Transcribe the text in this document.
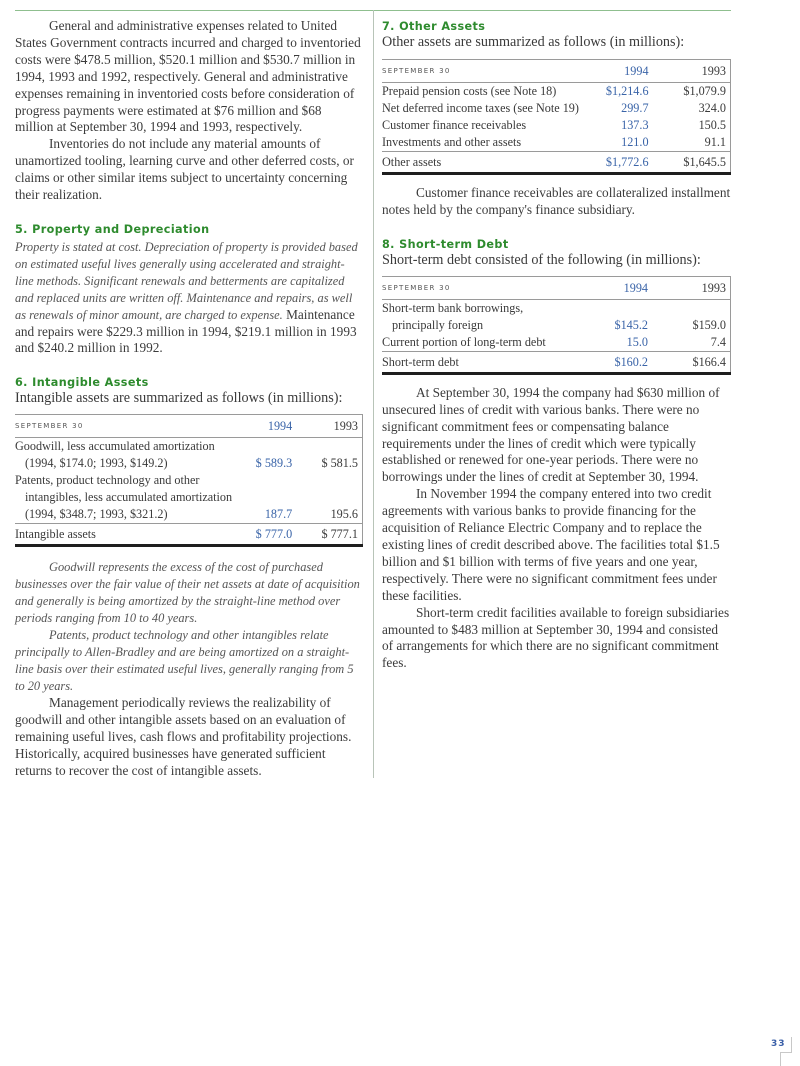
General and administrative expenses related to United States Government contracts incurred and charged to inventoried costs were $478.5 million, $520.1 million and $530.7 million in 1994, 1993 and 1992, respectively. General and administrative expenses remaining in inventoried costs before consideration of progress payments were estimated at $76 million and $68 million at September 30, 1994 and 1993, respectively.

Inventories do not include any material amounts of unamortized tooling, learning curve and other deferred costs, or claims or other similar items subject to uncertainty concerning their realization.

5. Property and Depreciation

Property is stated at cost. Depreciation of property is provided based on estimated useful lives generally using accelerated and straight-line methods. Significant renewals and betterments are capitalized and replaced units are written off. Maintenance and repairs, as well as renewals of minor amount, are charged to expense. Maintenance and repairs were $229.3 million in 1994, $219.1 million in 1993 and $240.2 million in 1992.

6. Intangible Assets

Intangible assets are summarized as follows (in millions):

SEPTEMBER 30	1994	1993
Goodwill, less accumulated amortization		
(1994, $174.0; 1993, $149.2)	$ 589.3	$ 581.5
Patents, product technology and other		
intangibles, less accumulated amortization		
(1994, $348.7; 1993, $321.2)	187.7	195.6
Intangible assets	$ 777.0	$ 777.1

Goodwill represents the excess of the cost of purchased businesses over the fair value of their net assets at date of acquisition and generally is being amortized by the straight-line method over periods ranging from 10 to 40 years.

Patents, product technology and other intangibles relate principally to Allen-Bradley and are being amortized on a straight-line basis over their estimated useful lives, generally ranging from 5 to 20 years.

Management periodically reviews the realizability of goodwill and other intangible assets based on an evaluation of remaining useful lives, cash flows and profitability projections. Historically, acquired businesses have generated sufficient returns to recover the cost of intangible assets.

7. Other Assets

Other assets are summarized as follows (in millions):

SEPTEMBER 30	1994	1993
Prepaid pension costs (see Note 18)	$1,214.6	$1,079.9
Net deferred income taxes (see Note 19)	299.7	324.0
Customer finance receivables	137.3	150.5
Investments and other assets	121.0	91.1
Other assets	$1,772.6	$1,645.5

Customer finance receivables are collateralized installment notes held by the company's finance subsidiary.

8. Short-term Debt

Short-term debt consisted of the following (in millions):

SEPTEMBER 30	1994	1993
Short-term bank borrowings,		
principally foreign	$145.2	$159.0
Current portion of long-term debt	15.0	7.4
Short-term debt	$160.2	$166.4

At September 30, 1994 the company had $630 million of unsecured lines of credit with various banks. There were no significant commitment fees or compensating balance requirements under the lines of credit which were typically established or renewed for one-year periods. There were no borrowings under the lines of credit at September 30, 1994.

In November 1994 the company entered into two credit agreements with various banks to provide financing for the acquisition of Reliance Electric Company and to replace the existing lines of credit described above. The facilities total $1.5 billion and $1 billion with terms of five years and one year, respectively. There were no significant commitment fees under these facilities.

Short-term credit facilities available to foreign subsidiaries amounted to $483 million at September 30, 1994 and consisted of arrangements for which there are no significant commitment fees.

33
